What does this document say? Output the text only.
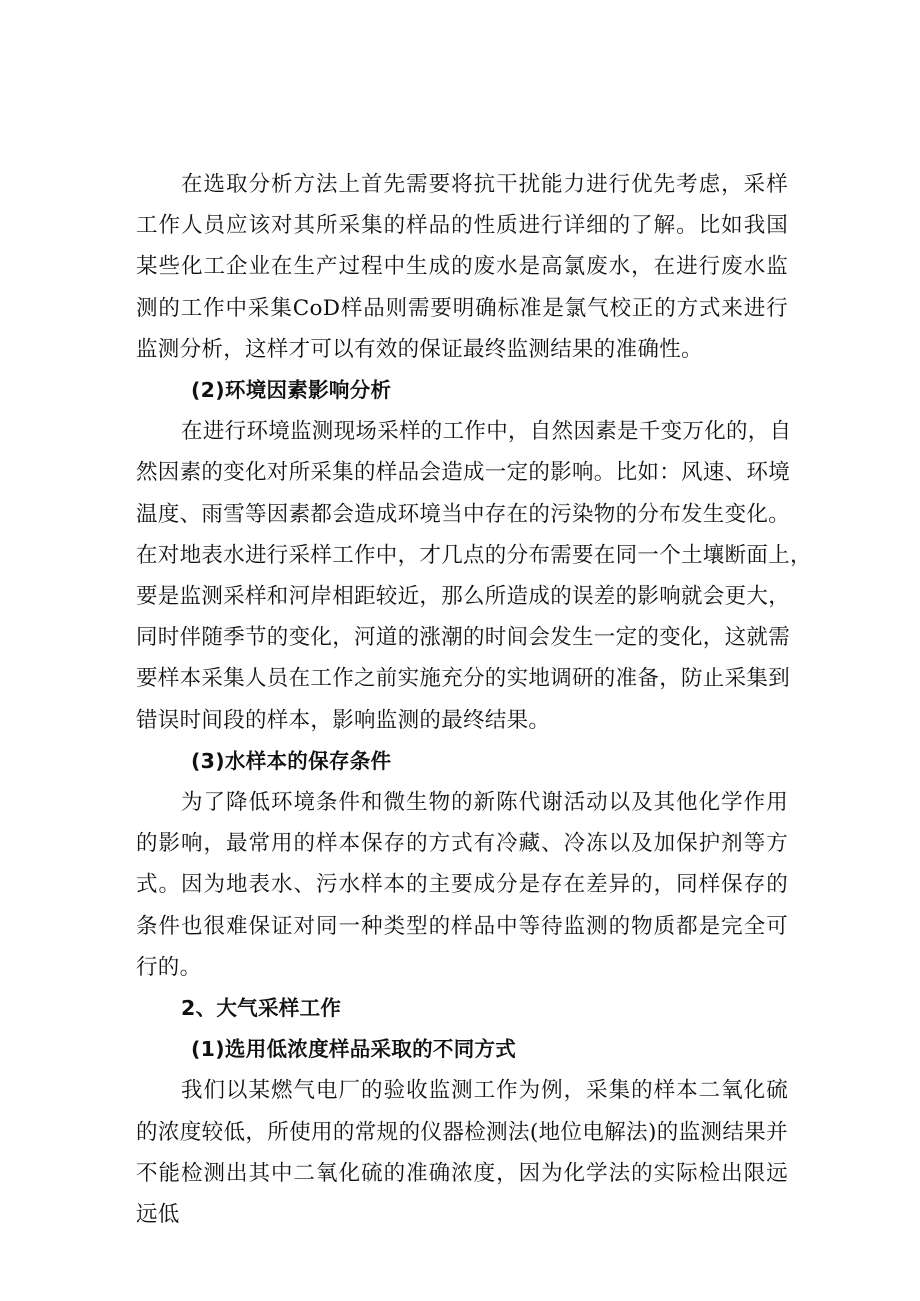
在选取分析方法上首先需要将抗干扰能力进行优先考虑，采样工作人员应该对其所采集的样品的性质进行详细的了解。比如我国某些化工企业在生产过程中生成的废水是高氯废水，在进行废水监测的工作中采集CoD样品则需要明确标准是氯气校正的方式来进行监测分析，这样才可以有效的保证最终监测结果的准确性。

(2)环境因素影响分析

在进行环境监测现场采样的工作中，自然因素是千变万化的，自

然因素的变化对所采集的样品会造成一定的影响。比如：风速、环境

温度、雨雪等因素都会造成环境当中存在的污染物的分布发生变化。

在对地表水进行采样工作中，才几点的分布需要在同一个土壤断面上，

要是监测采样和河岸相距较近，那么所造成的误差的影响就会更大，

同时伴随季节的变化，河道的涨潮的时间会发生一定的变化，这就需

要样本采集人员在工作之前实施充分的实地调研的准备，防止采集到

错误时间段的样本，影响监测的最终结果。

(3)水样本的保存条件

为了降低环境条件和微生物的新陈代谢活动以及其他化学作用的影响，最常用的样本保存的方式有冷藏、冷冻以及加保护剂等方式。因为地表水、污水样本的主要成分是存在差异的，同样保存的条件也很难保证对同一种类型的样品中等待监测的物质都是完全可行的。

2、大气采样工作

(1)选用低浓度样品采取的不同方式

我们以某燃气电厂的验收监测工作为例，采集的样本二氧化硫的浓度较低，所使用的常规的仪器检测法(地位电解法)的监测结果并不能检测出其中二氧化硫的准确浓度，因为化学法的实际检出限远远低
